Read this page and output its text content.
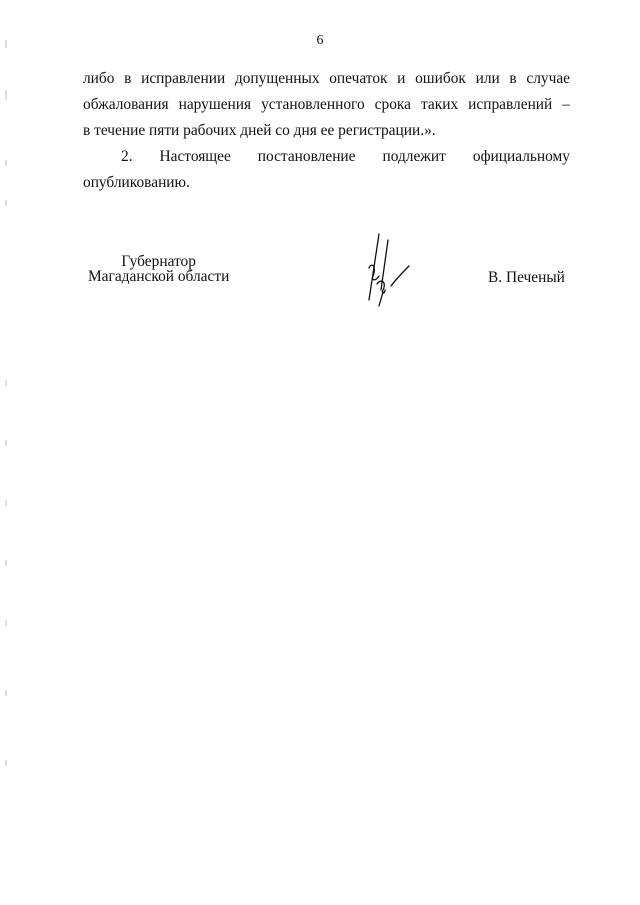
6
либо в исправлении допущенных опечаток и ошибок или в случае
обжалования нарушения установленного срока таких исправлений –
в течение пяти рабочих дней со дня ее регистрации.».
2. Настоящее постановление подлежит официальному
опубликованию.
Губернатор
Магаданской области	В. Печеный
